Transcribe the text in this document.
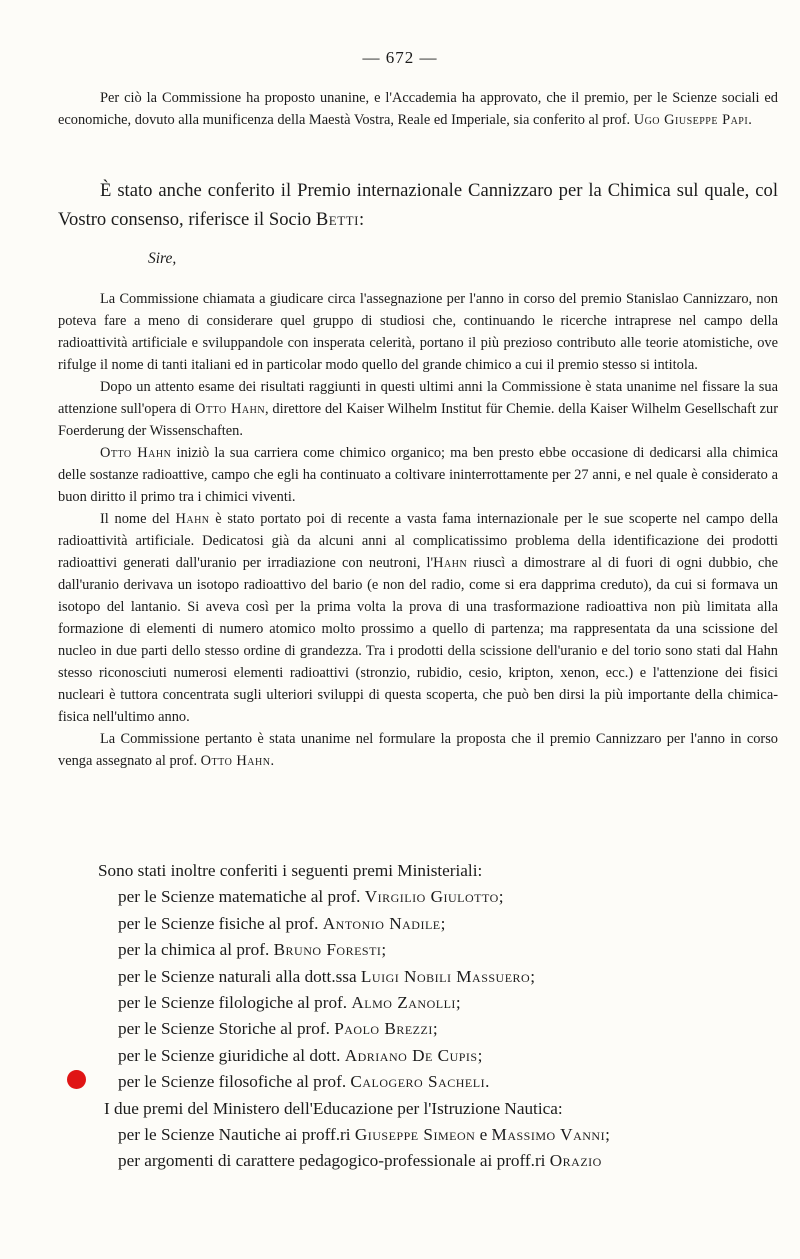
— 672 —

Per ciò la Commissione ha proposto unanine, e l'Accademia ha approvato, che il premio, per le Scienze sociali ed economiche, dovuto alla munificenza della Maestà Vostra, Reale ed Imperiale, sia conferito al prof. Ugo Giuseppe Papi.

È stato anche conferito il Premio internazionale Cannizzaro per la Chimica sul quale, col Vostro consenso, riferisce il Socio Betti:

Sire,

La Commissione chiamata a giudicare circa l'assegnazione per l'anno in corso del premio Stanislao Cannizzaro, non poteva fare a meno di considerare quel gruppo di studiosi che, continuando le ricerche intraprese nel campo della radioattività artificiale e sviluppandole con insperata celerità, portano il più prezioso contributo alle teorie atomistiche, ove rifulge il nome di tanti italiani ed in particolar modo quello del grande chimico a cui il premio stesso si intitola.

Dopo un attento esame dei risultati raggiunti in questi ultimi anni la Commissione è stata unanime nel fissare la sua attenzione sull'opera di Otto Hahn, direttore del Kaiser Wilhelm Institut für Chemie. della Kaiser Wilhelm Gesellschaft zur Foerderung der Wissenschaften.

Otto Hahn iniziò la sua carriera come chimico organico; ma ben presto ebbe occasione di dedicarsi alla chimica delle sostanze radioattive, campo che egli ha continuato a coltivare ininterrottamente per 27 anni, e nel quale è considerato a buon diritto il primo tra i chimici viventi.

Il nome del Hahn è stato portato poi di recente a vasta fama internazionale per le sue scoperte nel campo della radioattività artificiale. Dedicatosi già da alcuni anni al complicatissimo problema della identificazione dei prodotti radioattivi generati dall'uranio per irradiazione con neutroni, l'Hahn riuscì a dimostrare al di fuori di ogni dubbio, che dall'uranio derivava un isotopo radioattivo del bario (e non del radio, come si era dapprima creduto), da cui si formava un isotopo del lantanio. Si aveva così per la prima volta la prova di una trasformazione radioattiva non più limitata alla formazione di elementi di numero atomico molto prossimo a quello di partenza; ma rappresentata da una scissione del nucleo in due parti dello stesso ordine di grandezza. Tra i prodotti della scissione dell'uranio e del torio sono stati dal Hahn stesso riconosciuti numerosi elementi radioattivi (stronzio, rubidio, cesio, kripton, xenon, ecc.) e l'attenzione dei fisici nucleari è tuttora concentrata sugli ulteriori sviluppi di questa scoperta, che può ben dirsi la più importante della chimica-fisica nell'ultimo anno.

La Commissione pertanto è stata unanime nel formulare la proposta che il premio Cannizzaro per l'anno in corso venga assegnato al prof. Otto Hahn.

Sono stati inoltre conferiti i seguenti premi Ministeriali:

per le Scienze matematiche al prof. Virgilio Giulotto;
per le Scienze fisiche al prof. Antonio Nadile;
per la chimica al prof. Bruno Foresti;
per le Scienze naturali alla dott.ssa Luigi Nobili Massuero;
per le Scienze filologiche al prof. Almo Zanolli;
per le Scienze Storiche al prof. Paolo Brezzi;
per le Scienze giuridiche al dott. Adriano De Cupis;
per le Scienze filosofiche al prof. Calogero Sacheli.

I due premi del Ministero dell'Educazione per l'Istruzione Nautica:

per le Scienze Nautiche ai proff.ri Giuseppe Simeon e Massimo Vanni;
per argomenti di carattere pedagogico-professionale ai proff.ri Orazio
